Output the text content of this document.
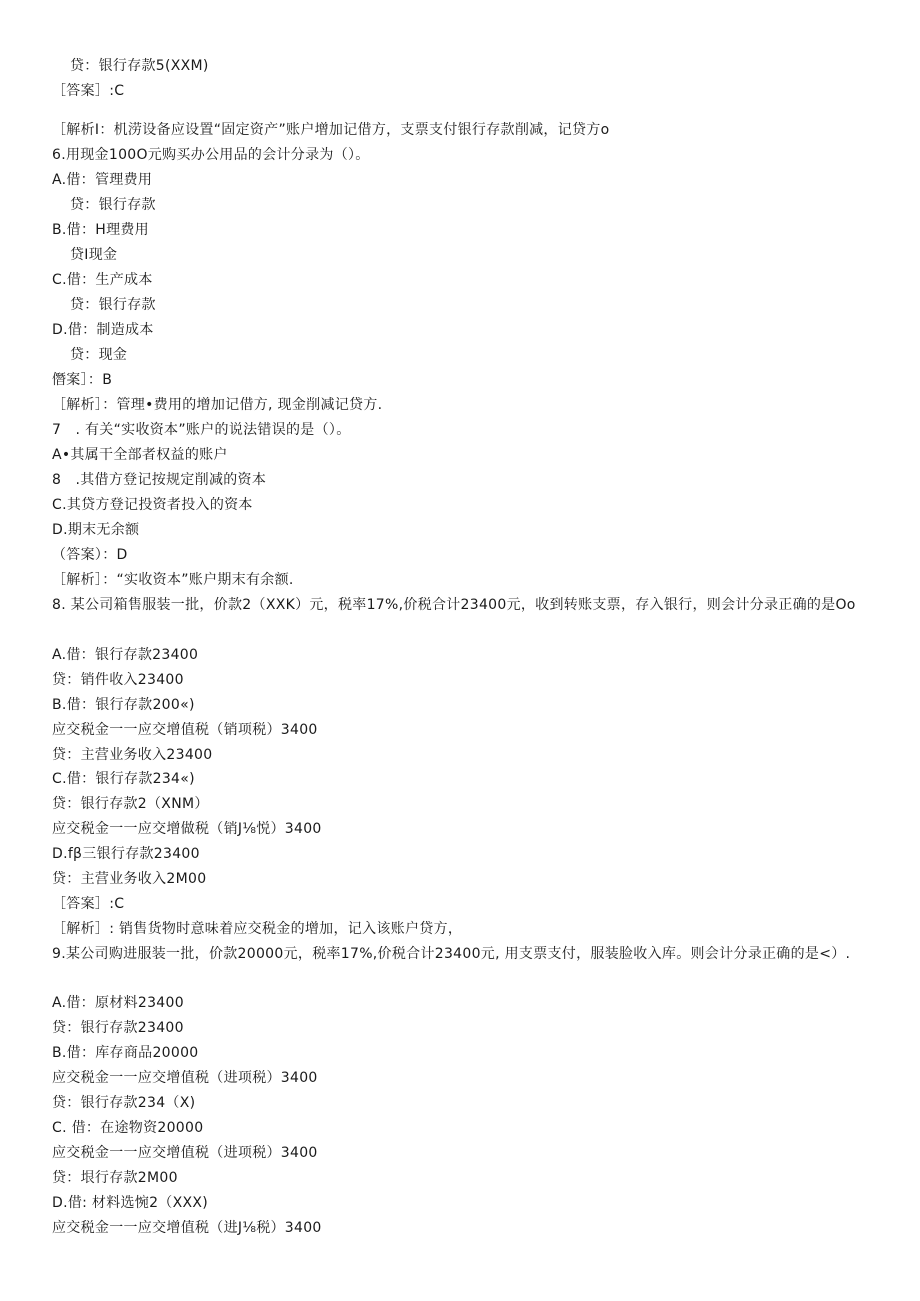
贷：银行存款5(XXM)
［答案］:C
［解析I：机涝设备应设置“固定资产”账户增加记借方，支票支付银行存款削减，记贷方o
6.用现金100O元购买办公用品的会计分录为（）。
A.借：管理费用
贷：银行存款
B.借：H理费用
贷I现金
C.借：生产成本
贷：银行存款
D.借：制造成本
贷：现金
僭案］：B
［解析］：管理•费用的增加记借方, 现金削减记贷方.
7　. 有关“实收资本”账户的说法错误的是（）。
A•其属干全部者权益的账户
8　.其借方登记按规定削减的资本
C.其贷方登记投资者投入的资本
D.期末无余额
（答案）：D
［解析］：“实收资本”账户期末有余额.
8. 某公司箱售服装一批，价款2（XXK）元，税率17%,价税合计23400元，收到转账支票，存入银行，则会计分录正确的是Oo
A.借：银行存款23400
贷：销件收入23400
B.借：银行存款200«)
应交税金一一应交增值税（销项税）3400
贷：主营业务收入23400
C.借：银行存款234«)
贷：银行存款2（XNM）
应交税金一一应交增做税（销J⅛悦）3400
D.fβ三银行存款23400
贷：主营业务收入2M00
［答案］:C
［解析］: 销售货物时意味着应交税金的增加，记入该账户贷方，
9.某公司购进服装一批，价款20000元，税率17%,价税合计23400元, 用支票支付，服装脸收入库。则会计分录正确的是<）.
A.借：原材料23400
贷：银行存款23400
B.借：库存商品20000
应交税金一一应交增值税（进项税）3400
贷：银行存款234（X)
C. 借：在途物资20000
应交税金一一应交增值税（进项税）3400
贷：垠行存款2M00
D.借: 材料选惋2（XXX)
应交税金一一应交增值税（进J⅛税）3400
